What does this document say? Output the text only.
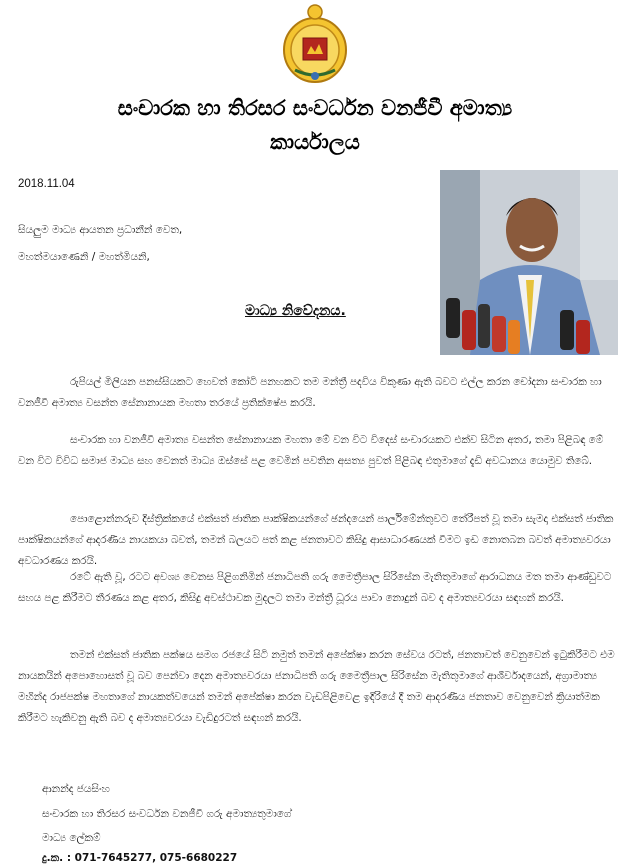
සංචාරක හා තිරසර සංවර්ධන වනජීවී අමාත්‍ය
කාර්යාලය
2018.11.04
සියලුම මාධ්‍ය ආයතන ප්‍රධානීන් වෙත,
මහත්මයාණෙනි / මහත්මියනි,
මාධ්‍ය නිවේදනය.

රුපියල් මිලියන පනස්සියකට හෙවත් කෝටි පනහකට තම මන්ත්‍රී පදවිය විකුණා ඇති බවට එල්ල කරන චෝදනා සංචාරක හා වනජීවී අමාත්‍ය වසන්ත සේනානායක මහතා තරයේ ප්‍රතික්ෂේප කරයි.

සංචාරක හා වනජීවී අමාත්‍ය වසන්ත සේනානායක මහතා මේ වන විට විදෙස් සංචාරයකට එක්ව සිටින අතර, තමා පිළිබඳ මේ වන විට විවිධ සමාජ මාධ්‍ය සහ වෙනත් මාධ්‍ය ඔස්සේ පළ වෙමින් පවතින අසත්‍ය පුවත් පිළිබඳ එතුමාගේ දැඩි අවධානය යොමුව තිබේ.

පොළොන්නරුව දිස්ත්‍රික්කයේ එක්සත් ජාතික පාක්ෂිකයන්ගේ ඡන්දයෙන් පාර්ලිමේන්තුවට තේරීපත් වූ තමා සැමදා එක්සත් ජාතික පාක්ෂිකයන්ගේ ආදරණීය නායකයා බවත්, තමන් බලයට පත් කළ ජනතාවට කිසිදු ආසාධාරණයක් වීමට ඉඩ නොතබන බවත් අමාත්‍යවරයා අවධාරණය කරයි.

රටේ ඇති වූ, රටට අවශ්‍ය වෙනස පිළිගනිමින් ජනාධිපති ගරු මෛත්‍රීපාල සිරිසේන මැතිතුමාගේ ආරාධනය මත තමා ආණ්ඩුවට සහය පළ කිරීමට තීරණය කළ අතර, කිසිදු අවස්ථාවක මුදලට තමා මන්ත්‍රී ධූරය පාවා නොදුන් බව ද අමාත්‍යවරයා සඳහන් කරයි.

තමන් එක්සත් ජාතික පක්ෂය සමග රජයේ සිටි නමුත් තමන් අපේක්ෂා කරන සේවය රටත්, ජනතාවත් වෙනුවෙන් ඉටුකිරීමට එම නායකයින් අපොහොසත් වූ බව පෙන්වා දෙන අමාත්‍යවරයා ජනාධිපති ගරු මෛත්‍රීපාල සිරිසේන මැතිතුමාගේ ආශීර්වාදයෙන්, අග්‍රාමාත්‍ය මහින්ද රාජපක්ෂ මහතාගේ නායකත්වයෙන් තමන් අපේක්ෂා කරන වැඩපිළිවෙළ ඉදිරියේ දී තම ආදරණීය ජනතාව වෙනුවෙන් ක්‍රියාත්මක කිරීමට හැකිවනු ඇති බව ද අමාත්‍යවරයා වැඩිදුරටත් සඳහන් කරයි.

ආනන්ද ජයසිංහ
සංචාරක හා තිරසර සංවර්ධන වනජීවී ගරු අමාත්‍යතුමාගේ
මාධ්‍ය ලේකම්
දු.ක. : 071-7645277, 075-6680227
